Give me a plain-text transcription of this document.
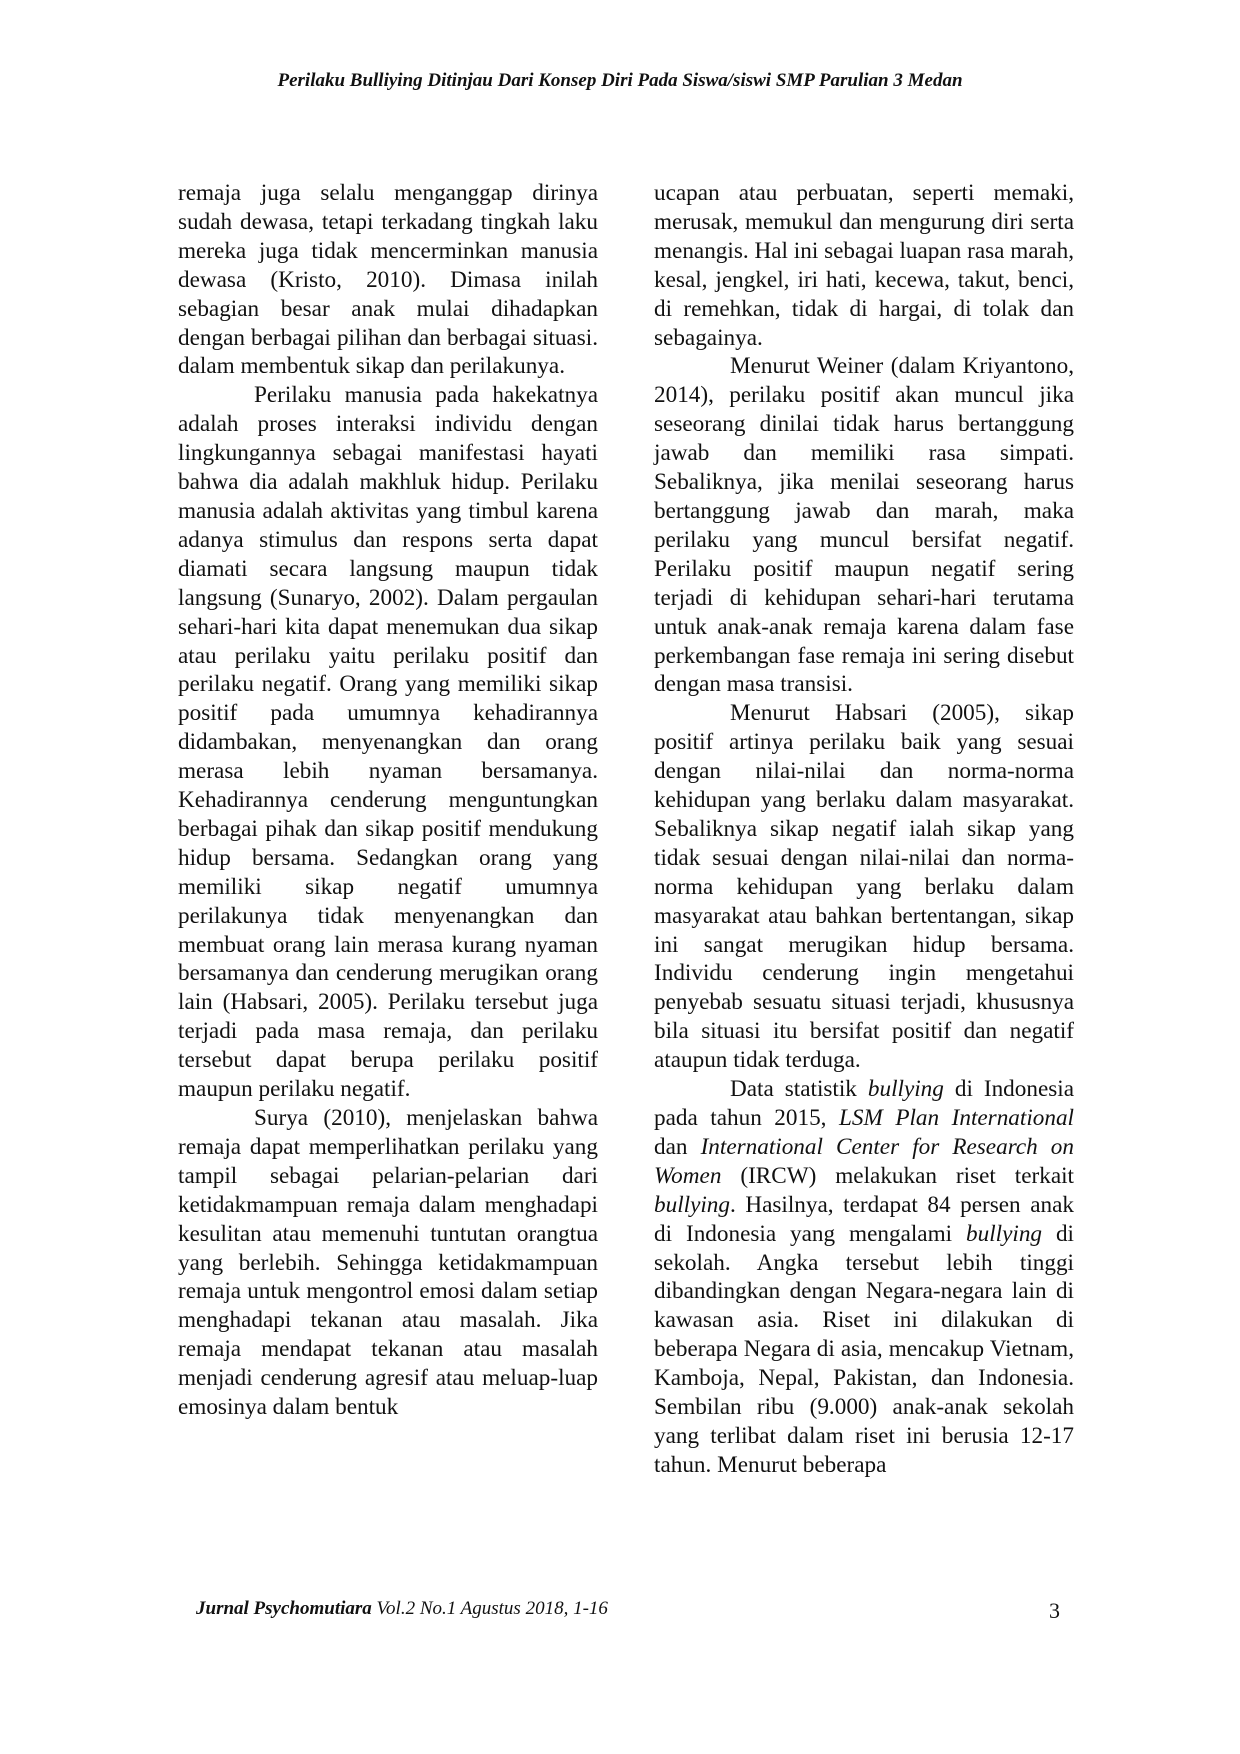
Perilaku Bulliying Ditinjau Dari Konsep Diri Pada Siswa/siswi SMP Parulian 3 Medan

remaja juga selalu menganggap dirinya sudah dewasa, tetapi terkadang tingkah laku mereka juga tidak mencerminkan manusia dewasa (Kristo, 2010). Dimasa inilah sebagian besar anak mulai dihadapkan dengan berbagai pilihan dan berbagai situasi. dalam membentuk sikap dan perilakunya.

Perilaku manusia pada hakekatnya adalah proses interaksi individu dengan lingkungannya sebagai manifestasi hayati bahwa dia adalah makhluk hidup. Perilaku manusia adalah aktivitas yang timbul karena adanya stimulus dan respons serta dapat diamati secara langsung maupun tidak langsung (Sunaryo, 2002). Dalam pergaulan sehari-hari kita dapat menemukan dua sikap atau perilaku yaitu perilaku positif dan perilaku negatif. Orang yang memiliki sikap positif pada umumnya kehadirannya didambakan, menyenangkan dan orang merasa lebih nyaman bersamanya. Kehadirannya cenderung menguntungkan berbagai pihak dan sikap positif mendukung hidup bersama. Sedangkan orang yang memiliki sikap negatif umumnya perilakunya tidak menyenangkan dan membuat orang lain merasa kurang nyaman bersamanya dan cenderung merugikan orang lain (Habsari, 2005). Perilaku tersebut juga terjadi pada masa remaja, dan perilaku tersebut dapat berupa perilaku positif maupun perilaku negatif.

Surya (2010), menjelaskan bahwa remaja dapat memperlihatkan perilaku yang tampil sebagai pelarian-pelarian dari ketidakmampuan remaja dalam menghadapi kesulitan atau memenuhi tuntutan orangtua yang berlebih. Sehingga ketidakmampuan remaja untuk mengontrol emosi dalam setiap menghadapi tekanan atau masalah. Jika remaja mendapat tekanan atau masalah menjadi cenderung agresif atau meluap-luap emosinya dalam bentuk

ucapan atau perbuatan, seperti memaki, merusak, memukul dan mengurung diri serta menangis. Hal ini sebagai luapan rasa marah, kesal, jengkel, iri hati, kecewa, takut, benci, di remehkan, tidak di hargai, di tolak dan sebagainya.

Menurut Weiner (dalam Kriyantono, 2014), perilaku positif akan muncul jika seseorang dinilai tidak harus bertanggung jawab dan memiliki rasa simpati. Sebaliknya, jika menilai seseorang harus bertanggung jawab dan marah, maka perilaku yang muncul bersifat negatif. Perilaku positif maupun negatif sering terjadi di kehidupan sehari-hari terutama untuk anak-anak remaja karena dalam fase perkembangan fase remaja ini sering disebut dengan masa transisi.

Menurut Habsari (2005), sikap positif artinya perilaku baik yang sesuai dengan nilai-nilai dan norma-norma kehidupan yang berlaku dalam masyarakat. Sebaliknya sikap negatif ialah sikap yang tidak sesuai dengan nilai-nilai dan norma-norma kehidupan yang berlaku dalam masyarakat atau bahkan bertentangan, sikap ini sangat merugikan hidup bersama. Individu cenderung ingin mengetahui penyebab sesuatu situasi terjadi, khususnya bila situasi itu bersifat positif dan negatif ataupun tidak terduga.

Data statistik bullying di Indonesia pada tahun 2015, LSM Plan International dan International Center for Research on Women (IRCW) melakukan riset terkait bullying. Hasilnya, terdapat 84 persen anak di Indonesia yang mengalami bullying di sekolah. Angka tersebut lebih tinggi dibandingkan dengan Negara-negara lain di kawasan asia. Riset ini dilakukan di beberapa Negara di asia, mencakup Vietnam, Kamboja, Nepal, Pakistan, dan Indonesia. Sembilan ribu (9.000) anak-anak sekolah yang terlibat dalam riset ini berusia 12-17 tahun. Menurut beberapa

Jurnal Psychomutiara Vol.2 No.1 Agustus 2018, 1-16	3
